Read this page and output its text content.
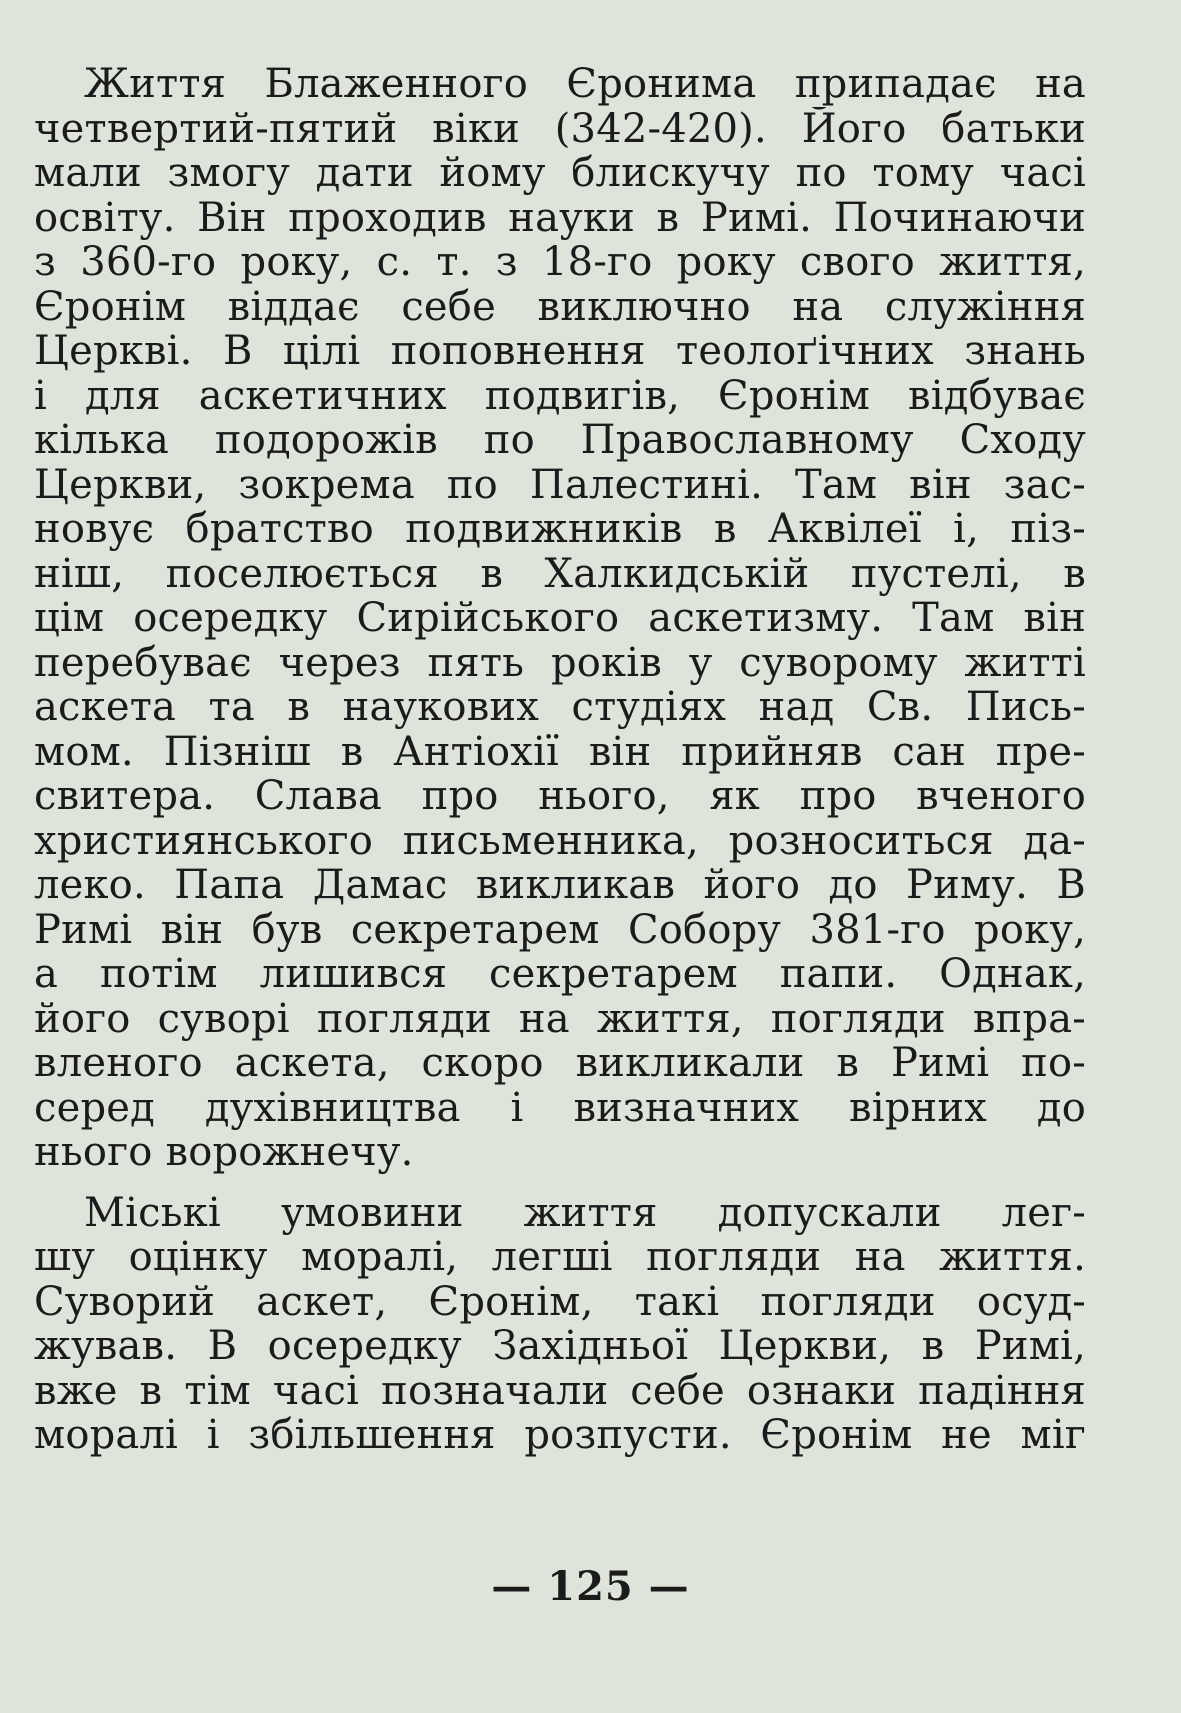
Життя Блаженного Єронима припадає на
четвертий-пятий віки (342-420). Його батьки
мали змогу дати йому блискучу по тому часі
освіту. Він проходив науки в Римі. Починаючи
з 360-го року, с. т. з 18-го року свого життя,
Єронім віддає себе виключно на служіння
Церкві. В цілі поповнення теолоґічних знань
і для аскетичних подвигів, Єронім відбуває
кілька подорожів по Православному Сходу
Церкви, зокрема по Палестині. Там він зас-
новує братство подвижників в Аквілеї і, піз-
ніш, поселюється в Халкидській пустелі, в
цім осередку Сирійського аскетизму. Там він
перебуває через пять років у суворому житті
аскета та в наукових студіях над Св. Пись-
мом. Пізніш в Антіохії він прийняв сан пре-
свитера. Слава про нього, як про вченого
християнського письменника, розноситься да-
леко. Папа Дамас викликав його до Риму. В
Римі він був секретарем Собору 381-го року,
а потім лишився секретарем папи. Однак,
його суворі погляди на життя, погляди впра-
вленого аскета, скоро викликали в Римі по-
серед духівництва і визначних вірних до
нього ворожнечу.
Міські умовини життя допускали лег-
шу оцінку моралі, легші погляди на життя.
Суворий аскет, Єронім, такі погляди осуд-
жував. В осередку Західньої Церкви, в Римі,
вже в тім часі позначали себе ознаки падіння
моралі і збільшення розпусти. Єронім не міг
— 125 —
